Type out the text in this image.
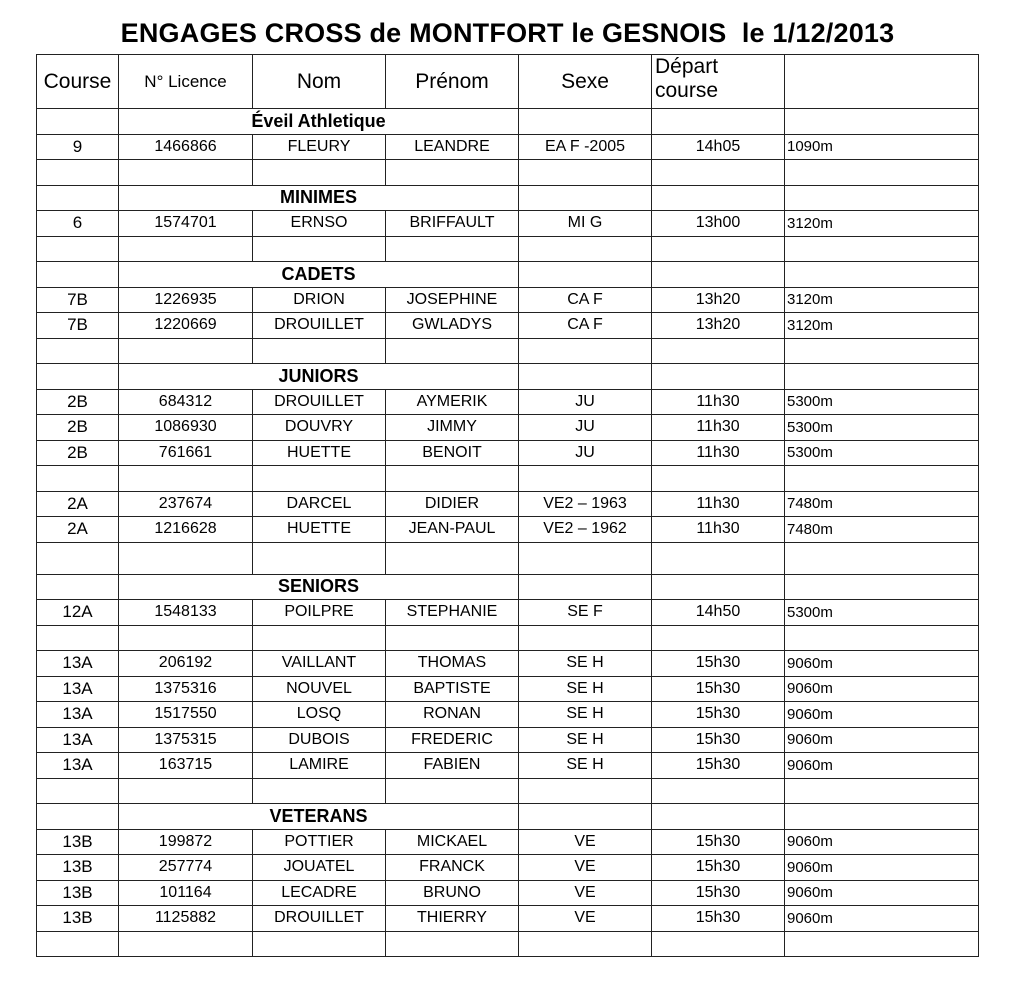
ENGAGES CROSS de MONTFORT le GESNOIS  le 1/12/2013
Course	N° Licence	Nom	Prénom	Sexe	Départ course	
	Éveil Athletique					
9	1466866	FLEURY	LEANDRE	EA F -2005	14h05	1090m

	MINIMES					
6	1574701	ERNSO	BRIFFAULT	MI G	13h00	3120m

	CADETS					
7B	1226935	DRION	JOSEPHINE	CA F	13h20	3120m
7B	1220669	DROUILLET	GWLADYS	CA F	13h20	3120m

	JUNIORS					
2B	684312	DROUILLET	AYMERIK	JU	11h30	5300m
2B	1086930	DOUVRY	JIMMY	JU	11h30	5300m
2B	761661	HUETTE	BENOIT	JU	11h30	5300m

2A	237674	DARCEL	DIDIER	VE2 – 1963	11h30	7480m
2A	1216628	HUETTE	JEAN-PAUL	VE2 – 1962	11h30	7480m

	SENIORS					
12A	1548133	POILPRE	STEPHANIE	SE F	14h50	5300m

13A	206192	VAILLANT	THOMAS	SE H	15h30	9060m
13A	1375316	NOUVEL	BAPTISTE	SE H	15h30	9060m
13A	1517550	LOSQ	RONAN	SE H	15h30	9060m
13A	1375315	DUBOIS	FREDERIC	SE H	15h30	9060m
13A	163715	LAMIRE	FABIEN	SE H	15h30	9060m

	VETERANS					
13B	199872	POTTIER	MICKAEL	VE	15h30	9060m
13B	257774	JOUATEL	FRANCK	VE	15h30	9060m
13B	101164	LECADRE	BRUNO	VE	15h30	9060m
13B	1125882	DROUILLET	THIERRY	VE	15h30	9060m
